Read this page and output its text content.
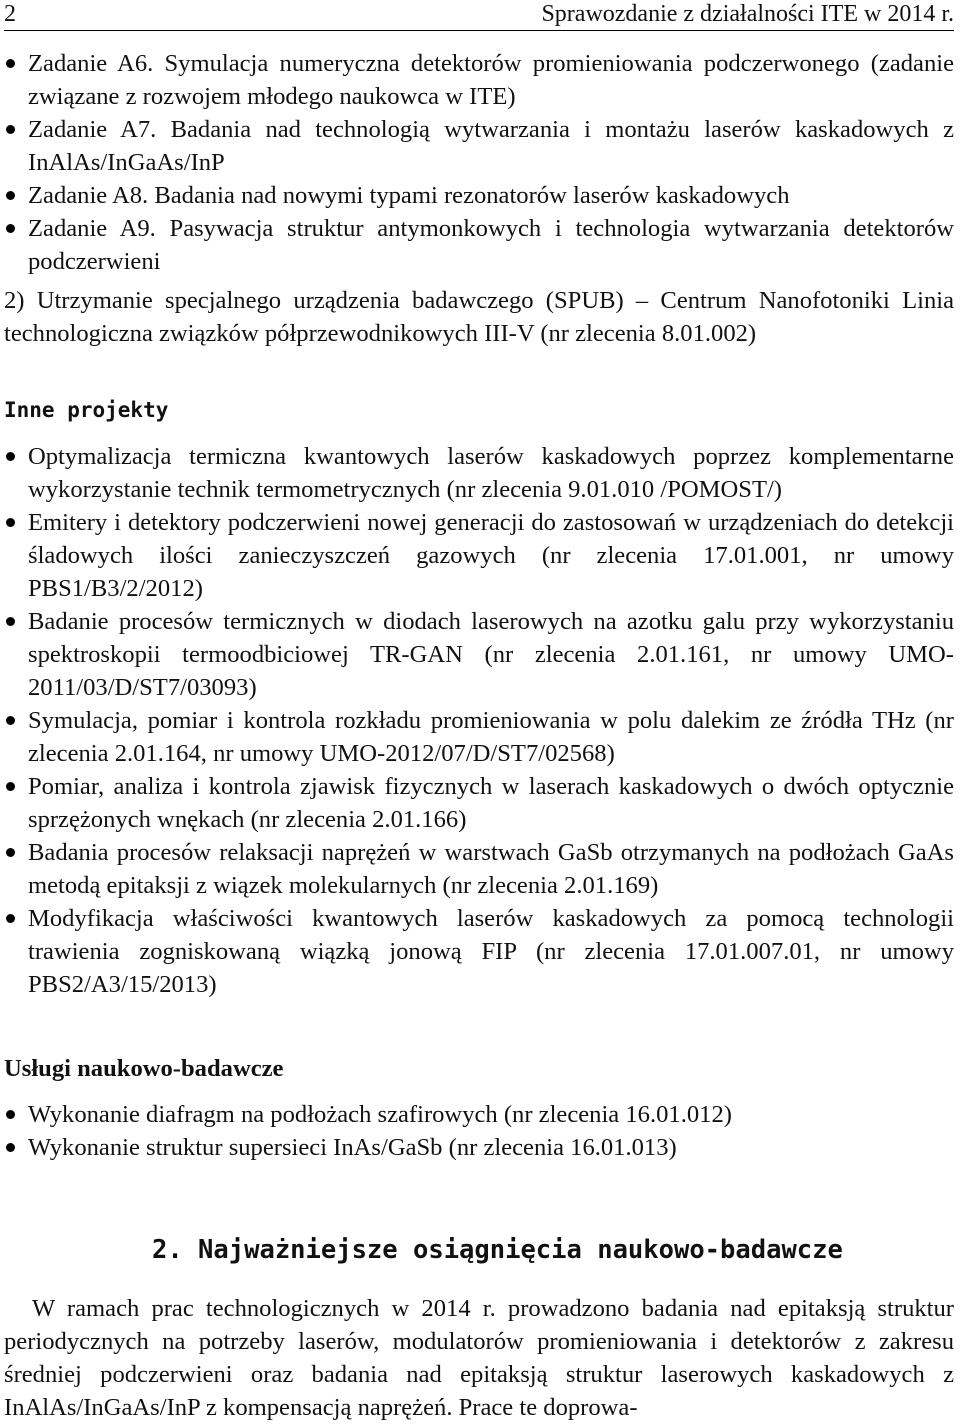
2	Sprawozdanie z działalności ITE w 2014 r.
Zadanie A6. Symulacja numeryczna detektorów promieniowania podczerwonego (zadanie związane z rozwojem młodego naukowca w ITE)
Zadanie A7. Badania nad technologią wytwarzania i montażu laserów kaskadowych z InAlAs/InGaAs/InP
Zadanie A8. Badania nad nowymi typami rezonatorów laserów kaskadowych
Zadanie A9. Pasywacja struktur antymonkowych i technologia wytwarzania detektorów podczerwieni

2) Utrzymanie specjalnego urządzenia badawczego (SPUB) – Centrum Nanofotoniki Linia technologiczna związków półprzewodnikowych III-V (nr zlecenia 8.01.002)

Inne projekty
Optymalizacja termiczna kwantowych laserów kaskadowych poprzez komplementarne wykorzystanie technik termometrycznych (nr zlecenia 9.01.010 /POMOST/)
Emitery i detektory podczerwieni nowej generacji do zastosowań w urządzeniach do detekcji śladowych ilości zanieczyszczeń gazowych (nr zlecenia 17.01.001, nr umowy PBS1/B3/2/2012)
Badanie procesów termicznych w diodach laserowych na azotku galu przy wykorzystaniu spektroskopii termoodbiciowej TR-GAN (nr zlecenia 2.01.161, nr umowy UMO-2011/03/D/ST7/03093)
Symulacja, pomiar i kontrola rozkładu promieniowania w polu dalekim ze źródła THz (nr zlecenia 2.01.164, nr umowy UMO-2012/07/D/ST7/02568)
Pomiar, analiza i kontrola zjawisk fizycznych w laserach kaskadowych o dwóch optycznie sprzężonych wnękach (nr zlecenia 2.01.166)
Badania procesów relaksacji naprężeń w warstwach GaSb otrzymanych na podłożach GaAs metodą epitaksji z wiązek molekularnych (nr zlecenia 2.01.169)
Modyfikacja właściwości kwantowych laserów kaskadowych za pomocą technologii trawienia zogniskowaną wiązką jonową FIP (nr zlecenia 17.01.007.01, nr umowy PBS2/A3/15/2013)
Usługi naukowo-badawcze
Wykonanie diafragm na podłożach szafirowych (nr zlecenia 16.01.012)
Wykonanie struktur supersieci InAs/GaSb (nr zlecenia 16.01.013)
2. Najważniejsze osiągnięcia naukowo-badawcze

W ramach prac technologicznych w 2014 r. prowadzono badania nad epitaksją struktur periodycznych na potrzeby laserów, modulatorów promieniowania i detektorów z zakresu średniej podczerwieni oraz badania nad epitaksją struktur laserowych kaskadowych z InAlAs/InGaAs/InP z kompensacją naprężeń. Prace te doprowa-
